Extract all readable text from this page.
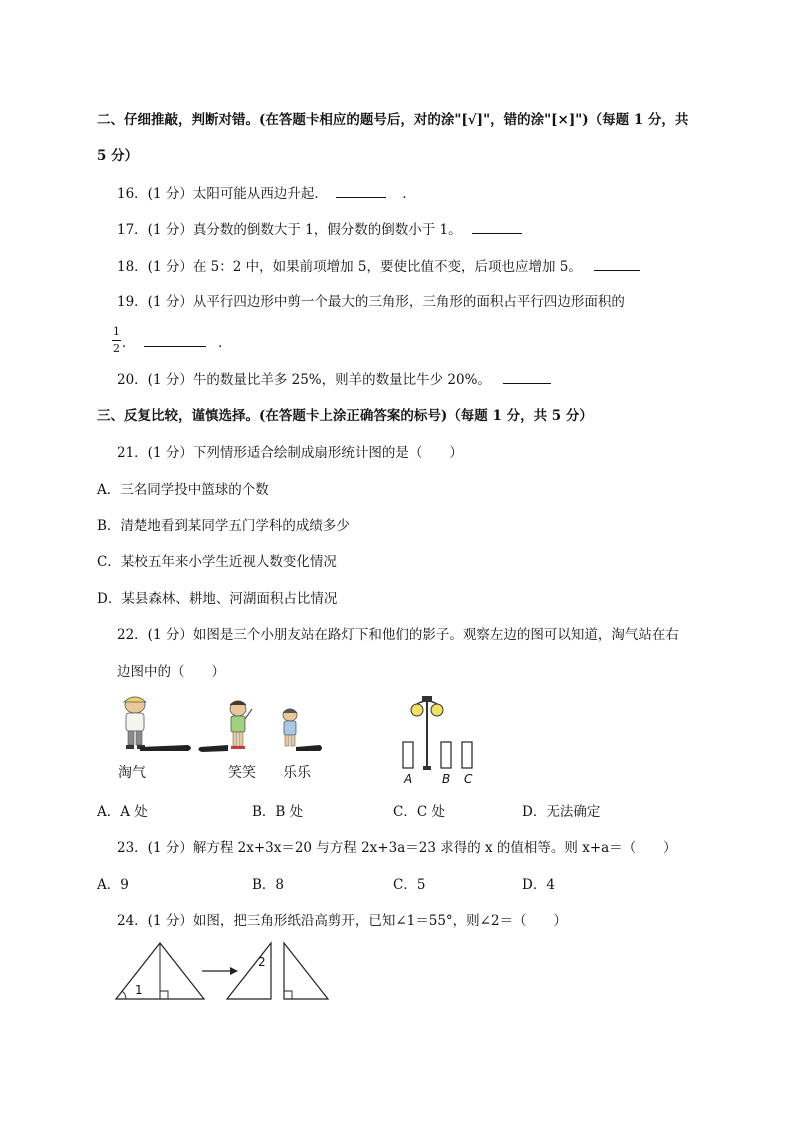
二、仔细推敲，判断对错。(在答题卡相应的题号后，对的涂"[√]"，错的涂"[×]")（每题 1 分，共
5 分）
16．(1 分）太阳可能从西边升起．	．
17．(1 分）真分数的倒数大于 1，假分数的倒数小于 1。
18．(1 分）在 5：2 中，如果前项增加 5，要使比值不变，后项也应增加 5。
19．(1 分）从平行四边形中剪一个最大的三角形，三角形的面积占平行四边形面积的
1
2 ．	．
20．(1 分）牛的数量比羊多 25%，则羊的数量比牛少 20%。
三、反复比较，谨慎选择。(在答题卡上涂正确答案的标号)（每题 1 分，共 5 分）
21．(1 分）下列情形适合绘制成扇形统计图的是（　　）
A．三名同学投中篮球的个数
B．清楚地看到某同学五门学科的成绩多少
C．某校五年来小学生近视人数变化情况
D．某县森林、耕地、河湖面积占比情况
22．(1 分）如图是三个小朋友站在路灯下和他们的影子。观察左边的图可以知道，淘气站在右
边图中的（　　）
淘气	笑笑 乐乐	A B C
A．A 处	B．B 处	C．C 处	D．无法确定
23．(1 分）解方程 2x+3x＝20 与方程 2x+3a＝23 求得的 x 的值相等。则 x+a＝（　　）
A．9	B．8	C．5	D．4
24．(1 分）如图，把三角形纸沿高剪开，已知∠1＝55°，则∠2＝（　　）
1
2
